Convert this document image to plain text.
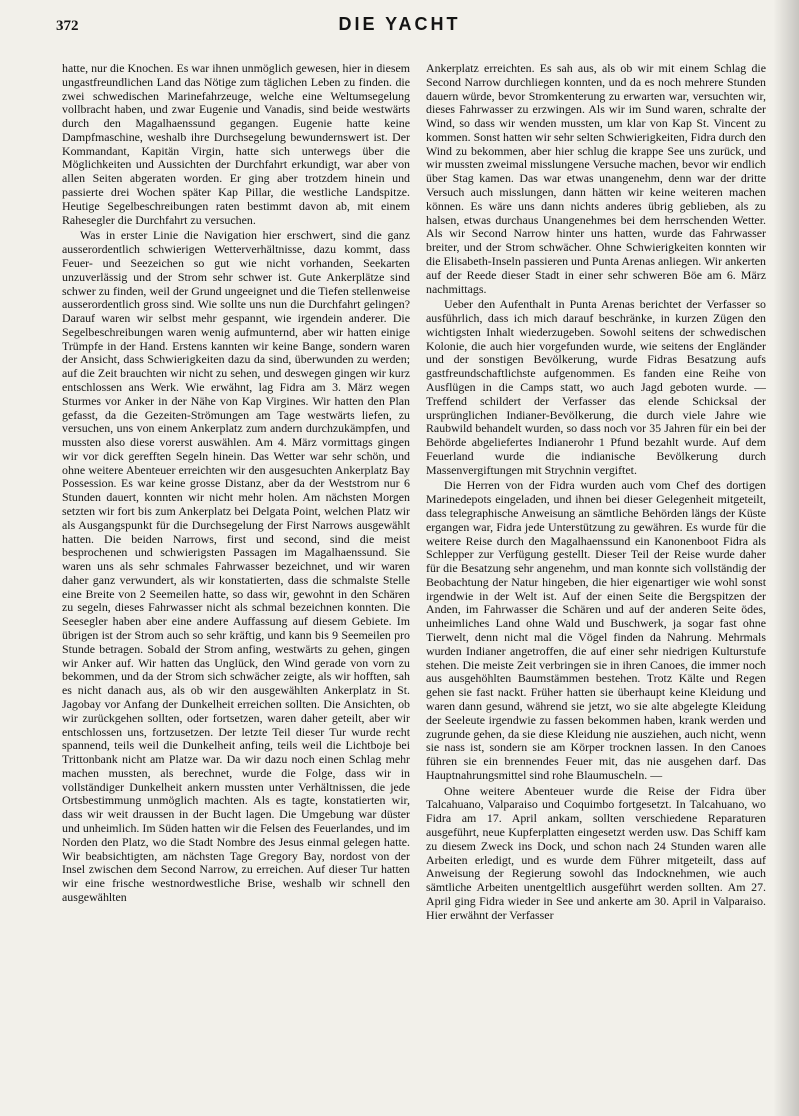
372	DIE YACHT

hatte, nur die Knochen. Es war ihnen unmöglich gewesen, hier in diesem ungastfreundlichen Land das Nötige zum täglichen Leben zu finden. die zwei schwedischen Marinefahrzeuge, welche eine Weltumsegelung vollbracht haben, und zwar Eugenie und Vanadis, sind beide westwärts durch den Magalhaenssund gegangen. Eugenie hatte keine Dampfmaschine, weshalb ihre Durchsegelung bewundernswert ist. Der Kommandant, Kapitän Virgin, hatte sich unterwegs über die Möglichkeiten und Aussichten der Durchfahrt erkundigt, war aber von allen Seiten abgeraten worden. Er ging aber trotzdem hinein und passierte drei Wochen später Kap Pillar, die westliche Landspitze. Heutige Segelbeschreibungen raten bestimmt davon ab, mit einem Rahesegler die Durchfahrt zu versuchen.

Was in erster Linie die Navigation hier erschwert, sind die ganz ausserordentlich schwierigen Wetterverhältnisse, dazu kommt, dass Feuer- und Seezeichen so gut wie nicht vorhanden, Seekarten unzuverlässig und der Strom sehr schwer ist. Gute Ankerplätze sind schwer zu finden, weil der Grund ungeeignet und die Tiefen stellenweise ausserordentlich gross sind. Wie sollte uns nun die Durchfahrt gelingen? Darauf waren wir selbst mehr gespannt, wie irgendein anderer. Die Segelbeschreibungen waren wenig aufmunternd, aber wir hatten einige Trümpfe in der Hand. Erstens kannten wir keine Bange, sondern waren der Ansicht, dass Schwierigkeiten dazu da sind, überwunden zu werden; auf die Zeit brauchten wir nicht zu sehen, und deswegen gingen wir kurz entschlossen ans Werk. Wie erwähnt, lag Fidra am 3. März wegen Sturmes vor Anker in der Nähe von Kap Virgines. Wir hatten den Plan gefasst, da die Gezeiten-Strömungen am Tage westwärts liefen, zu versuchen, uns von einem Ankerplatz zum andern durchzukämpfen, und mussten also diese vorerst auswählen. Am 4. März vormittags gingen wir vor dick gerefften Segeln hinein. Das Wetter war sehr schön, und ohne weitere Abenteuer erreichten wir den ausgesuchten Ankerplatz Bay Possession. Es war keine grosse Distanz, aber da der Weststrom nur 6 Stunden dauert, konnten wir nicht mehr holen. Am nächsten Morgen setzten wir fort bis zum Ankerplatz bei Delgata Point, welchen Platz wir als Ausgangspunkt für die Durchsegelung der First Narrows ausgewählt hatten. Die beiden Narrows, first und second, sind die meist besprochenen und schwierigsten Passagen im Magalhaenssund. Sie waren uns als sehr schmales Fahrwasser bezeichnet, und wir waren daher ganz verwundert, als wir konstatierten, dass die schmalste Stelle eine Breite von 2 Seemeilen hatte, so dass wir, gewohnt in den Schären zu segeln, dieses Fahrwasser nicht als schmal bezeichnen konnten. Die Seesegler haben aber eine andere Auffassung auf diesem Gebiete. Im übrigen ist der Strom auch so sehr kräftig, und kann bis 9 Seemeilen pro Stunde betragen. Sobald der Strom anfing, westwärts zu gehen, gingen wir Anker auf. Wir hatten das Unglück, den Wind gerade von vorn zu bekommen, und da der Strom sich schwächer zeigte, als wir hofften, sah es nicht danach aus, als ob wir den ausgewählten Ankerplatz in St. Jagobay vor Anfang der Dunkelheit erreichen sollten. Die Ansichten, ob wir zurückgehen sollten, oder fortsetzen, waren daher geteilt, aber wir entschlossen uns, fortzusetzen. Der letzte Teil dieser Tur wurde recht spannend, teils weil die Dunkelheit anfing, teils weil die Lichtboje bei Trittonbank nicht am Platze war. Da wir dazu noch einen Schlag mehr machen mussten, als berechnet, wurde die Folge, dass wir in vollständiger Dunkelheit ankern mussten unter Verhältnissen, die jede Ortsbestimmung unmöglich machten. Als es tagte, konstatierten wir, dass wir weit draussen in der Bucht lagen. Die Umgebung war düster und unheimlich. Im Süden hatten wir die Felsen des Feuerlandes, und im Norden den Platz, wo die Stadt Nombre des Jesus einmal gelegen hatte. Wir beabsichtigten, am nächsten Tage Gregory Bay, nordost von der Insel zwischen dem Second Narrow, zu erreichen. Auf dieser Tur hatten wir eine frische westnordwestliche Brise, weshalb wir schnell den ausgewählten

Ankerplatz erreichten. Es sah aus, als ob wir mit einem Schlag die Second Narrow durchliegen konnten, und da es noch mehrere Stunden dauern würde, bevor Stromkenterung zu erwarten war, versuchten wir, dieses Fahrwasser zu erzwingen. Als wir im Sund waren, schralte der Wind, so dass wir wenden mussten, um klar von Kap St. Vincent zu kommen. Sonst hatten wir sehr selten Schwierigkeiten, Fidra durch den Wind zu bekommen, aber hier schlug die krappe See uns zurück, und wir mussten zweimal misslungene Versuche machen, bevor wir endlich über Stag kamen. Das war etwas unangenehm, denn war der dritte Versuch auch misslungen, dann hätten wir keine weiteren machen können. Es wäre uns dann nichts anderes übrig geblieben, als zu halsen, etwas durchaus Unangenehmes bei dem herrschenden Wetter. Als wir Second Narrow hinter uns hatten, wurde das Fahrwasser breiter, und der Strom schwächer. Ohne Schwierigkeiten konnten wir die Elisabeth-Inseln passieren und Punta Arenas anliegen. Wir ankerten auf der Reede dieser Stadt in einer sehr schweren Böe am 6. März nachmittags.

Ueber den Aufenthalt in Punta Arenas berichtet der Verfasser so ausführlich, dass ich mich darauf beschränke, in kurzen Zügen den wichtigsten Inhalt wiederzugeben. Sowohl seitens der schwedischen Kolonie, die auch hier vorgefunden wurde, wie seitens der Engländer und der sonstigen Bevölkerung, wurde Fidras Besatzung aufs gastfreundschaftlichste aufgenommen. Es fanden eine Reihe von Ausflügen in die Camps statt, wo auch Jagd geboten wurde. — Treffend schildert der Verfasser das elende Schicksal der ursprünglichen Indianer-Bevölkerung, die durch viele Jahre wie Raubwild behandelt wurden, so dass noch vor 35 Jahren für ein bei der Behörde abgeliefertes Indianerohr 1 Pfund bezahlt wurde. Auf dem Feuerland wurde die indianische Bevölkerung durch Massenvergiftungen mit Strychnin vergiftet.

Die Herren von der Fidra wurden auch vom Chef des dortigen Marinedepots eingeladen, und ihnen bei dieser Gelegenheit mitgeteilt, dass telegraphische Anweisung an sämtliche Behörden längs der Küste ergangen war, Fidra jede Unterstützung zu gewähren. Es wurde für die weitere Reise durch den Magalhaenssund ein Kanonenboot Fidra als Schlepper zur Verfügung gestellt. Dieser Teil der Reise wurde daher für die Besatzung sehr angenehm, und man konnte sich vollständig der Beobachtung der Natur hingeben, die hier eigenartiger wie wohl sonst irgendwie in der Welt ist. Auf der einen Seite die Bergspitzen der Anden, im Fahrwasser die Schären und auf der anderen Seite ödes, unheimliches Land ohne Wald und Buschwerk, ja sogar fast ohne Tierwelt, denn nicht mal die Vögel finden da Nahrung. Mehrmals wurden Indianer angetroffen, die auf einer sehr niedrigen Kulturstufe stehen. Die meiste Zeit verbringen sie in ihren Canoes, die immer noch aus ausgehöhlten Baumstämmen bestehen. Trotz Kälte und Regen gehen sie fast nackt. Früher hatten sie überhaupt keine Kleidung und waren dann gesund, während sie jetzt, wo sie alte abgelegte Kleidung der Seeleute irgendwie zu fassen bekommen haben, krank werden und zugrunde gehen, da sie diese Kleidung nie ausziehen, auch nicht, wenn sie nass ist, sondern sie am Körper trocknen lassen. In den Canoes führen sie ein brennendes Feuer mit, das nie ausgehen darf. Das Hauptnahrungsmittel sind rohe Blaumuscheln. —

Ohne weitere Abenteuer wurde die Reise der Fidra über Talcahuano, Valparaiso und Coquimbo fortgesetzt. In Talcahuano, wo Fidra am 17. April ankam, sollten verschiedene Reparaturen ausgeführt, neue Kupferplatten eingesetzt werden usw. Das Schiff kam zu diesem Zweck ins Dock, und schon nach 24 Stunden waren alle Arbeiten erledigt, und es wurde dem Führer mitgeteilt, dass auf Anweisung der Regierung sowohl das Indocknehmen, wie auch sämtliche Arbeiten unentgeltlich ausgeführt werden sollten. Am 27. April ging Fidra wieder in See und ankerte am 30. April in Valparaiso. Hier erwähnt der Verfasser
